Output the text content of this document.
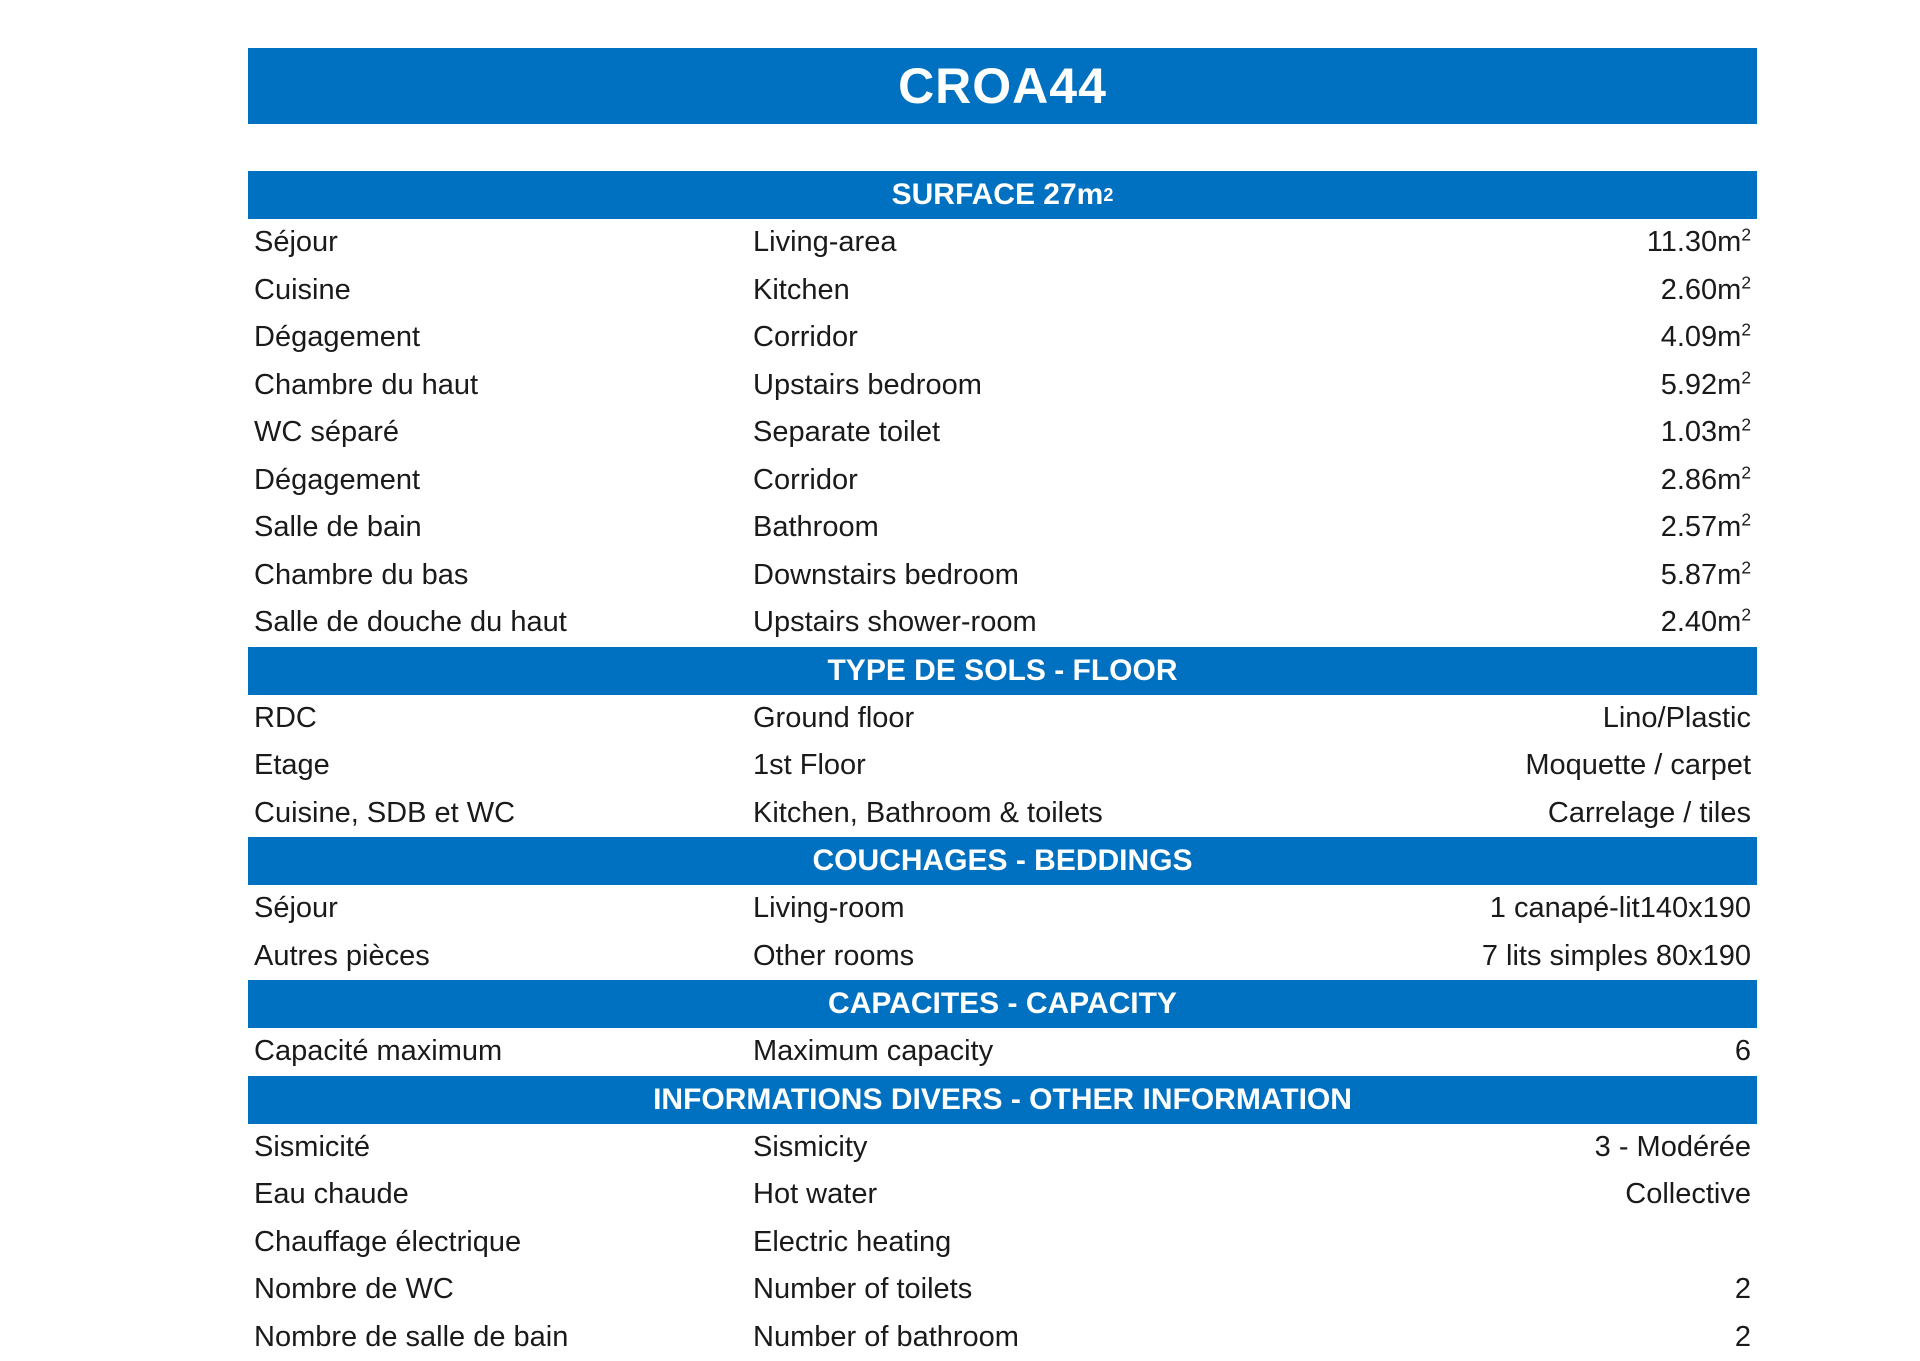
CROA44
SURFACE 27m 2
Séjour	Living-area	$11.30m^2$
Cuisine	Kitchen	$2.60m^2$
Dégagement	Corridor	$4.09m^2$
Chambre du haut	Upstairs bedroom	$5.92m^2$
WC séparé	Separate toilet	$1.03m^2$
Dégagement	Corridor	$2.86m^2$
Salle de bain	Bathroom	$2.57m^2$
Chambre du bas	Downstairs bedroom	$5.87m^2$
Salle de douche du haut	Upstairs shower-room	$2.40m^2$
TYPE DE SOLS - FLOOR
RDC	Ground floor	Lino/Plastic
Etage	1st Floor	Moquette / carpet
Cuisine, SDB et WC	Kitchen, Bathroom & toilets	Carrelage / tiles
COUCHAGES - BEDDINGS
Séjour	Living-room	1 canapé-lit140x190
Autres pièces	Other rooms	7 lits simples 80x190
CAPACITES - CAPACITY
Capacité maximum	Maximum capacity	6
INFORMATIONS DIVERS - OTHER INFORMATION
Sismicité	Sismicity	3 - Modérée
Eau chaude	Hot water	Collective
Chauffage électrique	Electric heating
Nombre de WC	Number of toilets	2
Nombre de salle de bain	Number of bathroom	2
